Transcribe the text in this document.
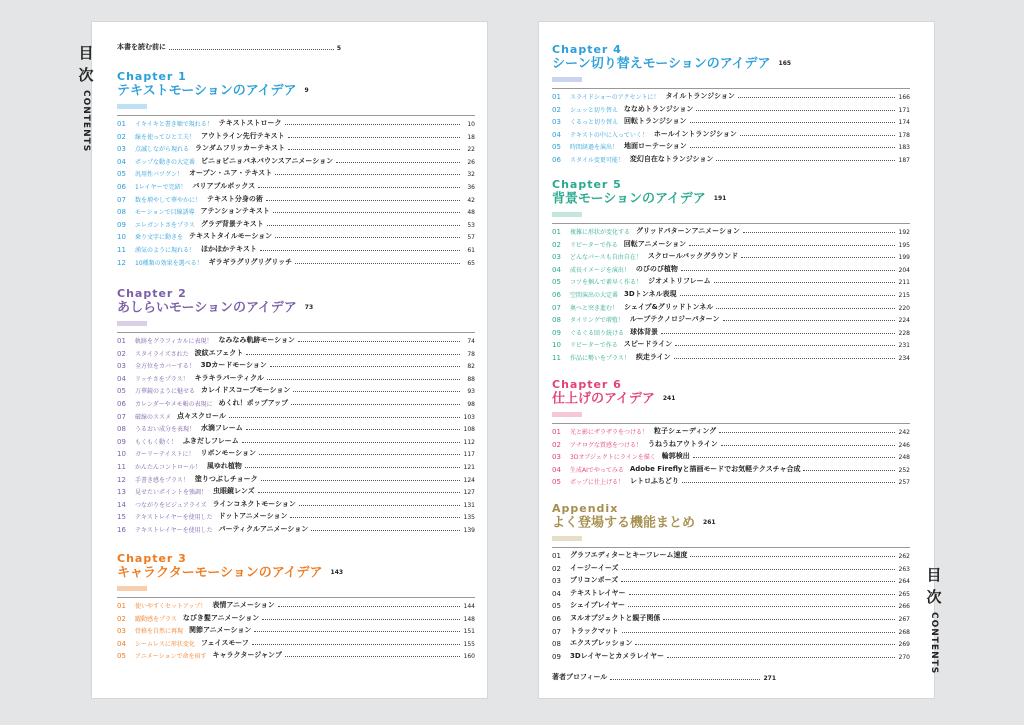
目
次
CONTENTS
目
次
CONTENTS
本書を読む前に	5
Chapter 1
テキストモーションのアイデア 9
01	イキイキと書き順で現れる！ テキストストローク	10
02	線を使ってひと工夫！ アウトライン先行テキスト	18
03	点滅しながら現れる ランダムフリッカーテキスト	22
04	ポップな動きの大定番 ビニョビニョバネバウンスアニメーション	26
05	汎用性バツグン！ オープン・ユア・テキスト	32
06	1レイヤーで完結！ バリアブルボックス	36
07	数を増やして華やかに！ テキスト分身の術	42
08	モーションで目線誘導 アテンションテキスト	48
09	エレガントさをプラス グラデ背景テキスト	53
10	乗り文字に動きを テキストタイルモーション	57
11	湧気のように現れる！ ほかほかテキスト	61
12	10種類の効果を選べる！ ギラギラグリグリグリッチ	65
Chapter 2
あしらいモーションのアイデア 73
01	軌跡をグラフィカルに表現！ なみなみ軌跡モーション	74
02	スタイライズされた 波紋エフェクト	78
03	全方位をカバーする！ 3Dカードモーション	82
04	リッチさをプラス！ キラキラパーティクル	88
05	万華鏡のように魅せる カレイドスコープモーション	93
06	カレンダーやメモ帳の表現に めくれ！ポップアップ	98
07	破線のススメ 点々スクロール	103
08	うるおい成分を表現！ 水滴フレーム	108
09	もくもく動く！ ふきだしフレーム	112
10	ガーリーテイストに！ リボンモーション	117
11	かんたんコントロール！ 風ゆれ植物	121
12	手書き感をプラス！ 塗りつぶしチョーク	124
13	見せたいポイントを強調！ 虫眼鏡レンズ	127
14	つながりをビジュアライズ ラインコネクトモーション	131
15	テキストレイヤーを使用した ドットアニメーション	135
16	テキストレイヤーを使用した パーティクルアニメーション	139
Chapter 3
キャラクターモーションのアイデア 143
01	使いやすくセットアップ！ 表情アニメーション	144
02	躍動感をプラス なびき髪アニメーション	148
03	骨格を自然に再現 関節アニメーション	151
04	シームレスに形状変化 フェイスモーフ	155
05	アニメーションで命を宿す キャラクタージャンプ	160
Chapter 4
シーン切り替えモーションのアイデア 165
01	スライドショーのアクセントに！ タイルトランジション	166
02	シュッと切り替え ななめトランジション	171
03	くるっと切り替え 回転トランジション	174
04	テキストの中に入っていく！ ホールイントランジション	178
05	時間経過を演出！ 地面ローテーション	183
06	スタイル変更可能！ 変幻自在なトランジション	187
Chapter 5
背景モーションのアイデア 191
01	複雑に形状が変化する グリッドパターンアニメーション	192
02	リピーターで作る 回転アニメーション	195
03	どんなパースも自由自在！ スクロールバックグラウンド	199
04	成長イメージを演出！ のびのび植物	204
05	コツを掴んで素早く作る！ ジオメトリフレーム	211
06	空間演出の大定番 3Dトンネル表現	215
07	奥へと突き進む！ シェイプ&グリッドトンネル	220
08	タイリングで増殖！ ループテクノロジーパターン	224
09	ぐるぐる回り続ける 球体背景	228
10	リピーターで作る スピードライン	231
11	作品に勢いをプラス！ 疾走ライン	234
Chapter 6
仕上げのアイデア 241
01	光と影にザラザラをつける！ 粒子シェーディング	242
02	アナログな質感をつける！ うねうねアウトライン	246
03	3Dオブジェクトにラインを描く 輪郭検出	248
04	生成AIでやってみる Adobe Fireflyと描画モードでお気軽テクスチャ合成	252
05	ポップに仕上げる！ レトロふちどり	257
Appendix
よく登場する機能まとめ 261
01	グラフエディターとキーフレーム速度	262
02	イージーイーズ	263
03	プリコンポーズ	264
04	テキストレイヤー	265
05	シェイプレイヤー	266
06	ヌルオブジェクトと親子関係	267
07	トラックマット	268
08	エクスプレッション	269
09	3Dレイヤーとカメラレイヤー	270
著者プロフィール	271
